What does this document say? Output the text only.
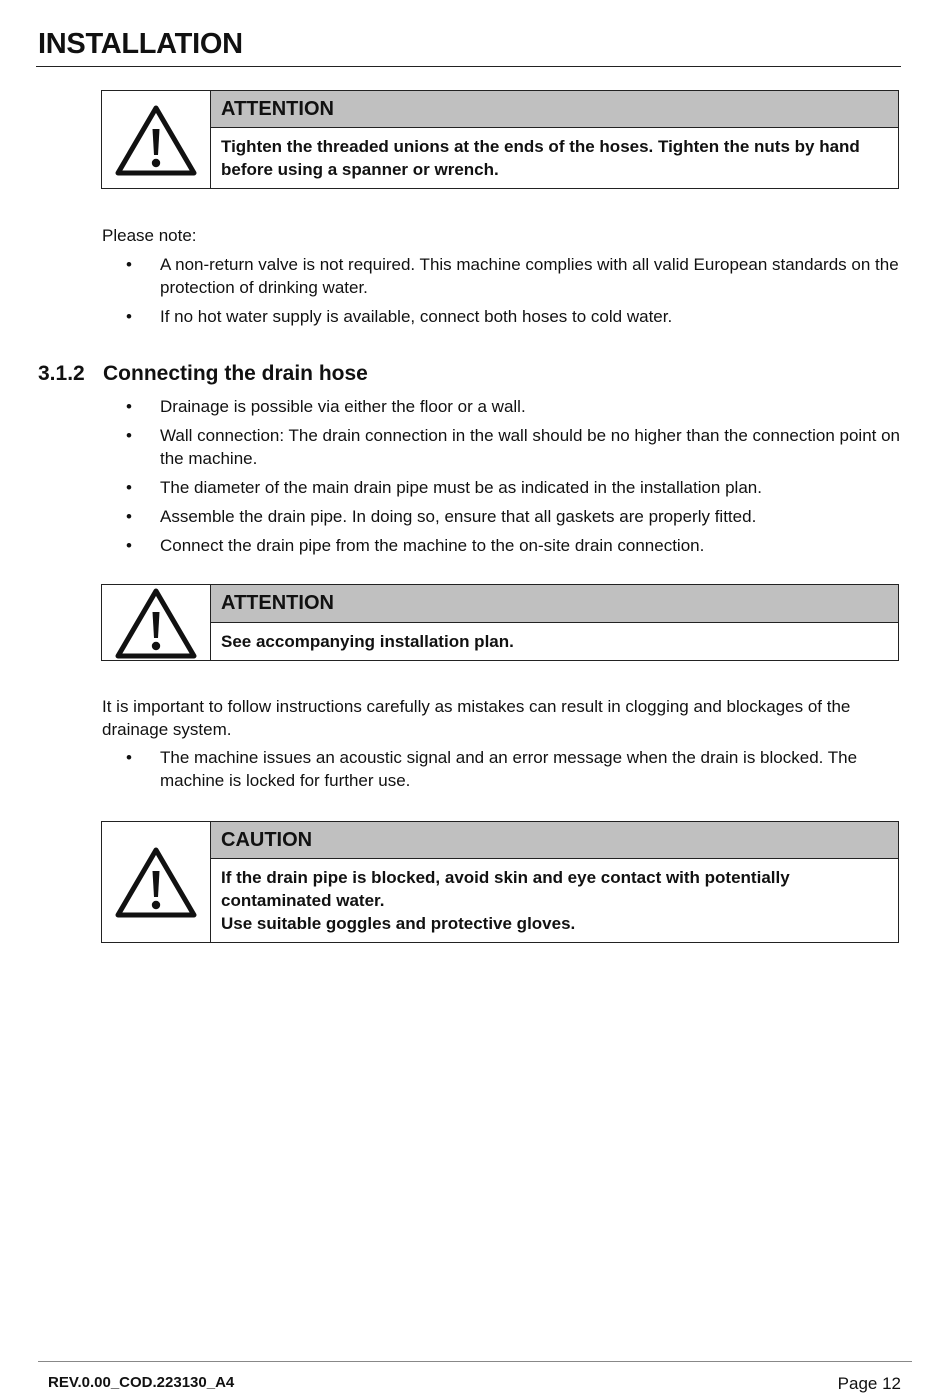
INSTALLATION
ATTENTION
Tighten the threaded unions at the ends of the hoses. Tighten the nuts by hand before using a spanner or wrench.

Please note:

• A non-return valve is not required. This machine complies with all valid European standards on the protection of drinking water.
• If no hot water supply is available, connect both hoses to cold water.
3.1.2 Connecting the drain hose
• Drainage is possible via either the floor or a wall.
• Wall connection: The drain connection in the wall should be no higher than the connection point on the machine.
• The diameter of the main drain pipe must be as indicated in the installation plan.
• Assemble the drain pipe. In doing so, ensure that all gaskets are properly fitted.
• Connect the drain pipe from the machine to the on-site drain connection.
ATTENTION
See accompanying installation plan.

It is important to follow instructions carefully as mistakes can result in clogging and blockages of the drainage system.

• The machine issues an acoustic signal and an error message when the drain is blocked. The machine is locked for further use.
CAUTION
If the drain pipe is blocked, avoid skin and eye contact with potentially contaminated water.
Use suitable goggles and protective gloves.
REV.0.00_COD.223130_A4	Page 12
